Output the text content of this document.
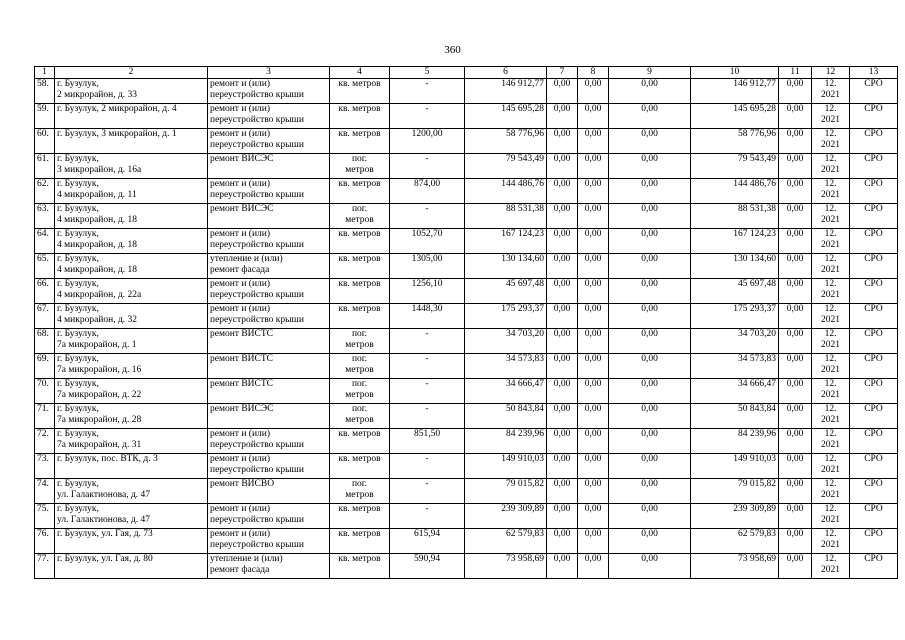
360
1	2	3	4	5	6	7	8	9	10	11	12	13
58.	г. Бузулук,
2 микрорайон, д. 33	ремонт и (или)
переустройство крыши	кв. метров	-	146 912,77	0,00	0,00	0,00	146 912,77	0,00	12.
2021	СРО
59.	г. Бузулук, 2 микрорайон, д. 4	ремонт и (или)
переустройство крыши	кв. метров	-	145 695,28	0,00	0,00	0,00	145 695,28	0,00	12.
2021	СРО
60.	г. Бузулук, 3 микрорайон, д. 1	ремонт и (или)
переустройство крыши	кв. метров	1200,00	58 776,96	0,00	0,00	0,00	58 776,96	0,00	12.
2021	СРО
61.	г. Бузулук,
3 микрорайон, д. 16а	ремонт ВИСЭС	пог.
метров	-	79 543,49	0,00	0,00	0,00	79 543,49	0,00	12.
2021	СРО
62.	г. Бузулук,
4 микрорайон, д. 11	ремонт и (или)
переустройство крыши	кв. метров	874,00	144 486,76	0,00	0,00	0,00	144 486,76	0,00	12.
2021	СРО
63.	г. Бузулук,
4 микрорайон, д. 18	ремонт ВИСЭС	пог.
метров	-	88 531,38	0,00	0,00	0,00	88 531,38	0,00	12.
2021	СРО
64.	г. Бузулук,
4 микрорайон, д. 18	ремонт и (или)
переустройство крыши	кв. метров	1052,70	167 124,23	0,00	0,00	0,00	167 124,23	0,00	12.
2021	СРО
65.	г. Бузулук,
4 микрорайон, д. 18	утепление и (или)
ремонт фасада	кв. метров	1305,00	130 134,60	0,00	0,00	0,00	130 134,60	0,00	12.
2021	СРО
66.	г. Бузулук,
4 микрорайон, д. 22а	ремонт и (или)
переустройство крыши	кв. метров	1256,10	45 697,48	0,00	0,00	0,00	45 697,48	0,00	12.
2021	СРО
67.	г. Бузулук,
4 микрорайон, д. 32	ремонт и (или)
переустройство крыши	кв. метров	1448,30	175 293,37	0,00	0,00	0,00	175 293,37	0,00	12.
2021	СРО
68.	г. Бузулук,
7а микрорайон, д. 1	ремонт ВИСТС	пог.
метров	-	34 703,20	0,00	0,00	0,00	34 703,20	0,00	12.
2021	СРО
69.	г. Бузулук,
7а микрорайон, д. 16	ремонт ВИСТС	пог.
метров	-	34 573,83	0,00	0,00	0,00	34 573,83	0,00	12.
2021	СРО
70.	г. Бузулук,
7а микрорайон, д. 22	ремонт ВИСТС	пог.
метров	-	34 666,47	0,00	0,00	0,00	34 666,47	0,00	12.
2021	СРО
71.	г. Бузулук,
7а микрорайон, д. 28	ремонт ВИСЭС	пог.
метров	-	50 843,84	0,00	0,00	0,00	50 843,84	0,00	12.
2021	СРО
72.	г. Бузулук,
7а микрорайон, д. 31	ремонт и (или)
переустройство крыши	кв. метров	851,50	84 239,96	0,00	0,00	0,00	84 239,96	0,00	12.
2021	СРО
73.	г. Бузулук, пос. ВТК, д. 3	ремонт и (или)
переустройство крыши	кв. метров	-	149 910,03	0,00	0,00	0,00	149 910,03	0,00	12.
2021	СРО
74.	г. Бузулук,
ул. Галактионова, д. 47	ремонт ВИСВО	пог.
метров	-	79 015,82	0,00	0,00	0,00	79 015,82	0,00	12.
2021	СРО
75.	г. Бузулук,
ул. Галактионова, д. 47	ремонт и (или)
переустройство крыши	кв. метров	-	239 309,89	0,00	0,00	0,00	239 309,89	0,00	12.
2021	СРО
76.	г. Бузулук, ул. Гая, д. 73	ремонт и (или)
переустройство крыши	кв. метров	615,94	62 579,83	0,00	0,00	0,00	62 579,83	0,00	12.
2021	СРО
77.	г. Бузулук, ул. Гая, д. 80	утепление и (или)
ремонт фасада	кв. метров	590,94	73 958,69	0,00	0,00	0,00	73 958,69	0,00	12.
2021	СРО
